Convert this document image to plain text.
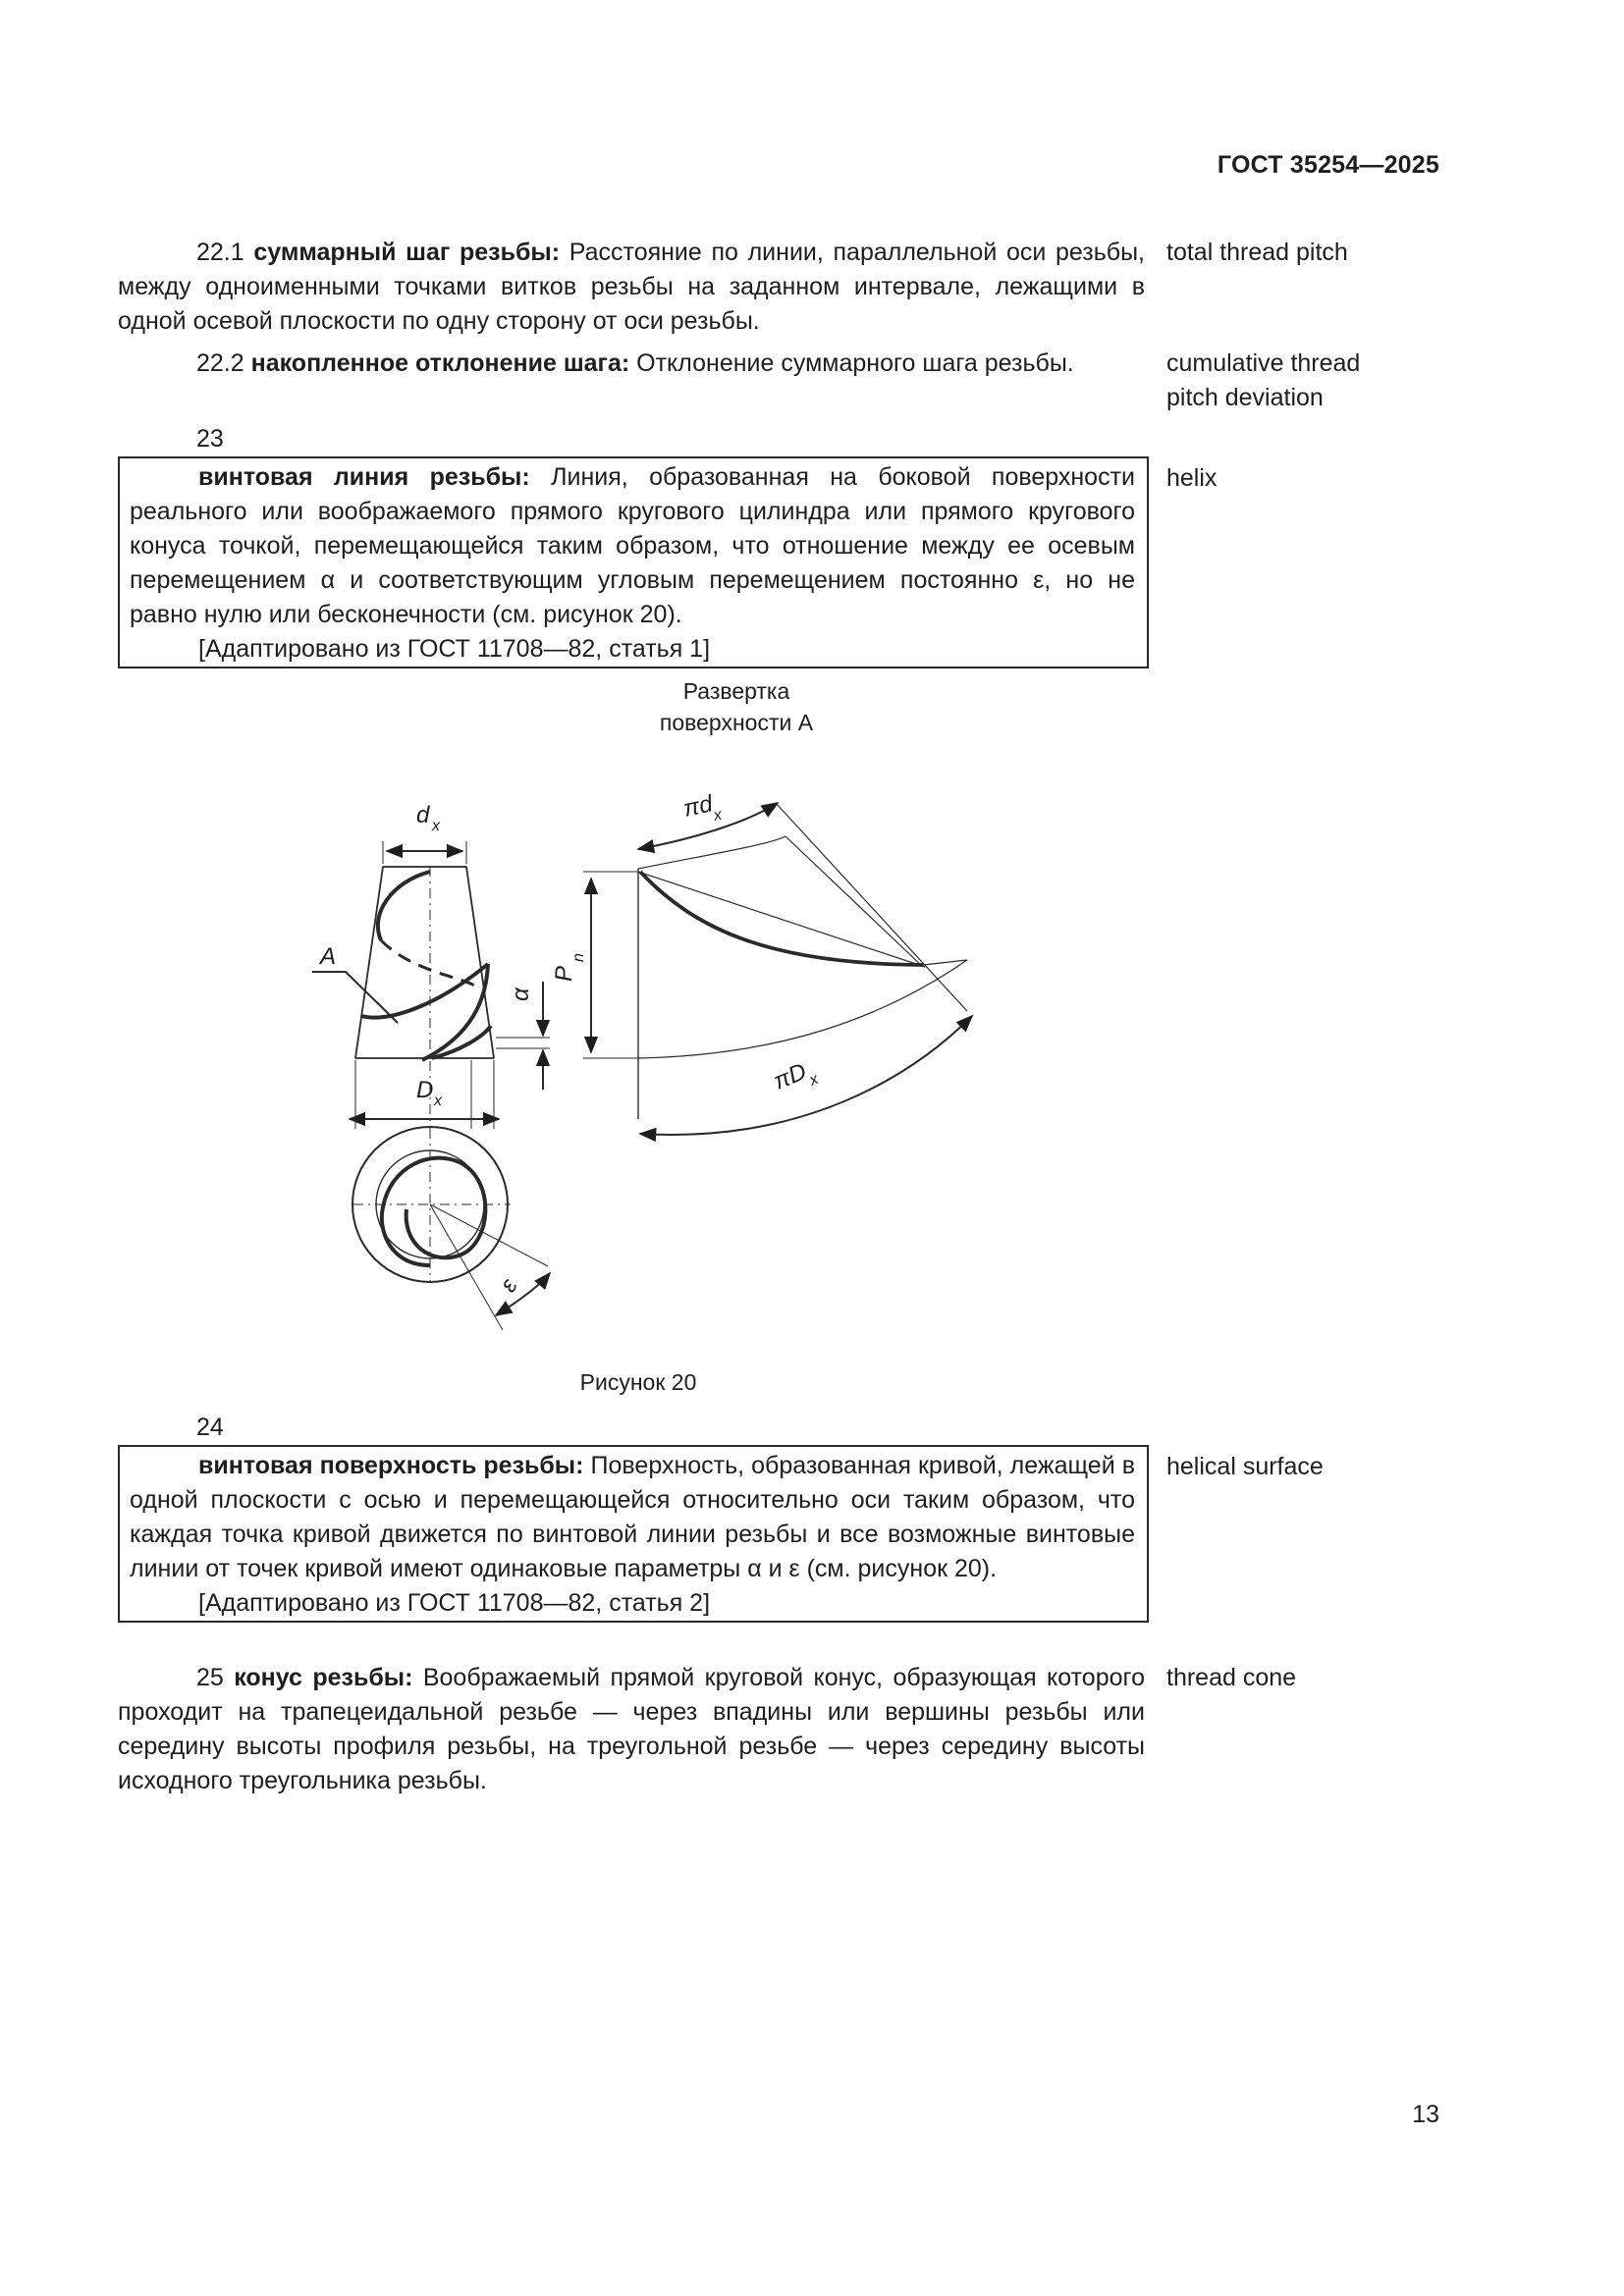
ГОСТ 35254—2025
22.1 суммарный шаг резьбы: Расстояние по линии, параллельной оси резьбы, между одноименными точками витков резьбы на заданном интервале, лежащими в одной осевой плоскости по одну сторону от оси резьбы.
total thread pitch
22.2 накопленное отклонение шага: Отклонение суммарного шага резьбы.	cumulative thread pitch deviation
23
винтовая линия резьбы: Линия, образованная на боковой поверхности реального или воображаемого прямого кругового цилиндра или прямого кругового конуса точкой, перемещающейся таким образом, что отношение между ее осевым перемещением α и соответствующим угловым перемещением постоянно ε, но не равно нулю или бесконечности (см. рисунок 20).
[Адаптировано из ГОСТ 11708—82, статья 1]
helix
Развертка
поверхности А
A
d x
D x
α
ε
P
n
πd
x
πD
x
Рисунок 20
24
винтовая поверхность резьбы: Поверхность, образованная кривой, лежащей в одной плоскости с осью и перемещающейся относительно оси таким образом, что каждая точка кривой движется по винтовой линии резьбы и все возможные винтовые линии от точек кривой имеют одинаковые параметры α и ε (см. рисунок 20).
[Адаптировано из ГОСТ 11708—82, статья 2]
helical surface
25 конус резьбы: Воображаемый прямой круговой конус, образующая которого проходит на трапецеидальной резьбе — через впадины или вершины резьбы или середину высоты профиля резьбы, на треугольной резьбе — через середину высоты исходного треугольника резьбы.
thread cone
13
